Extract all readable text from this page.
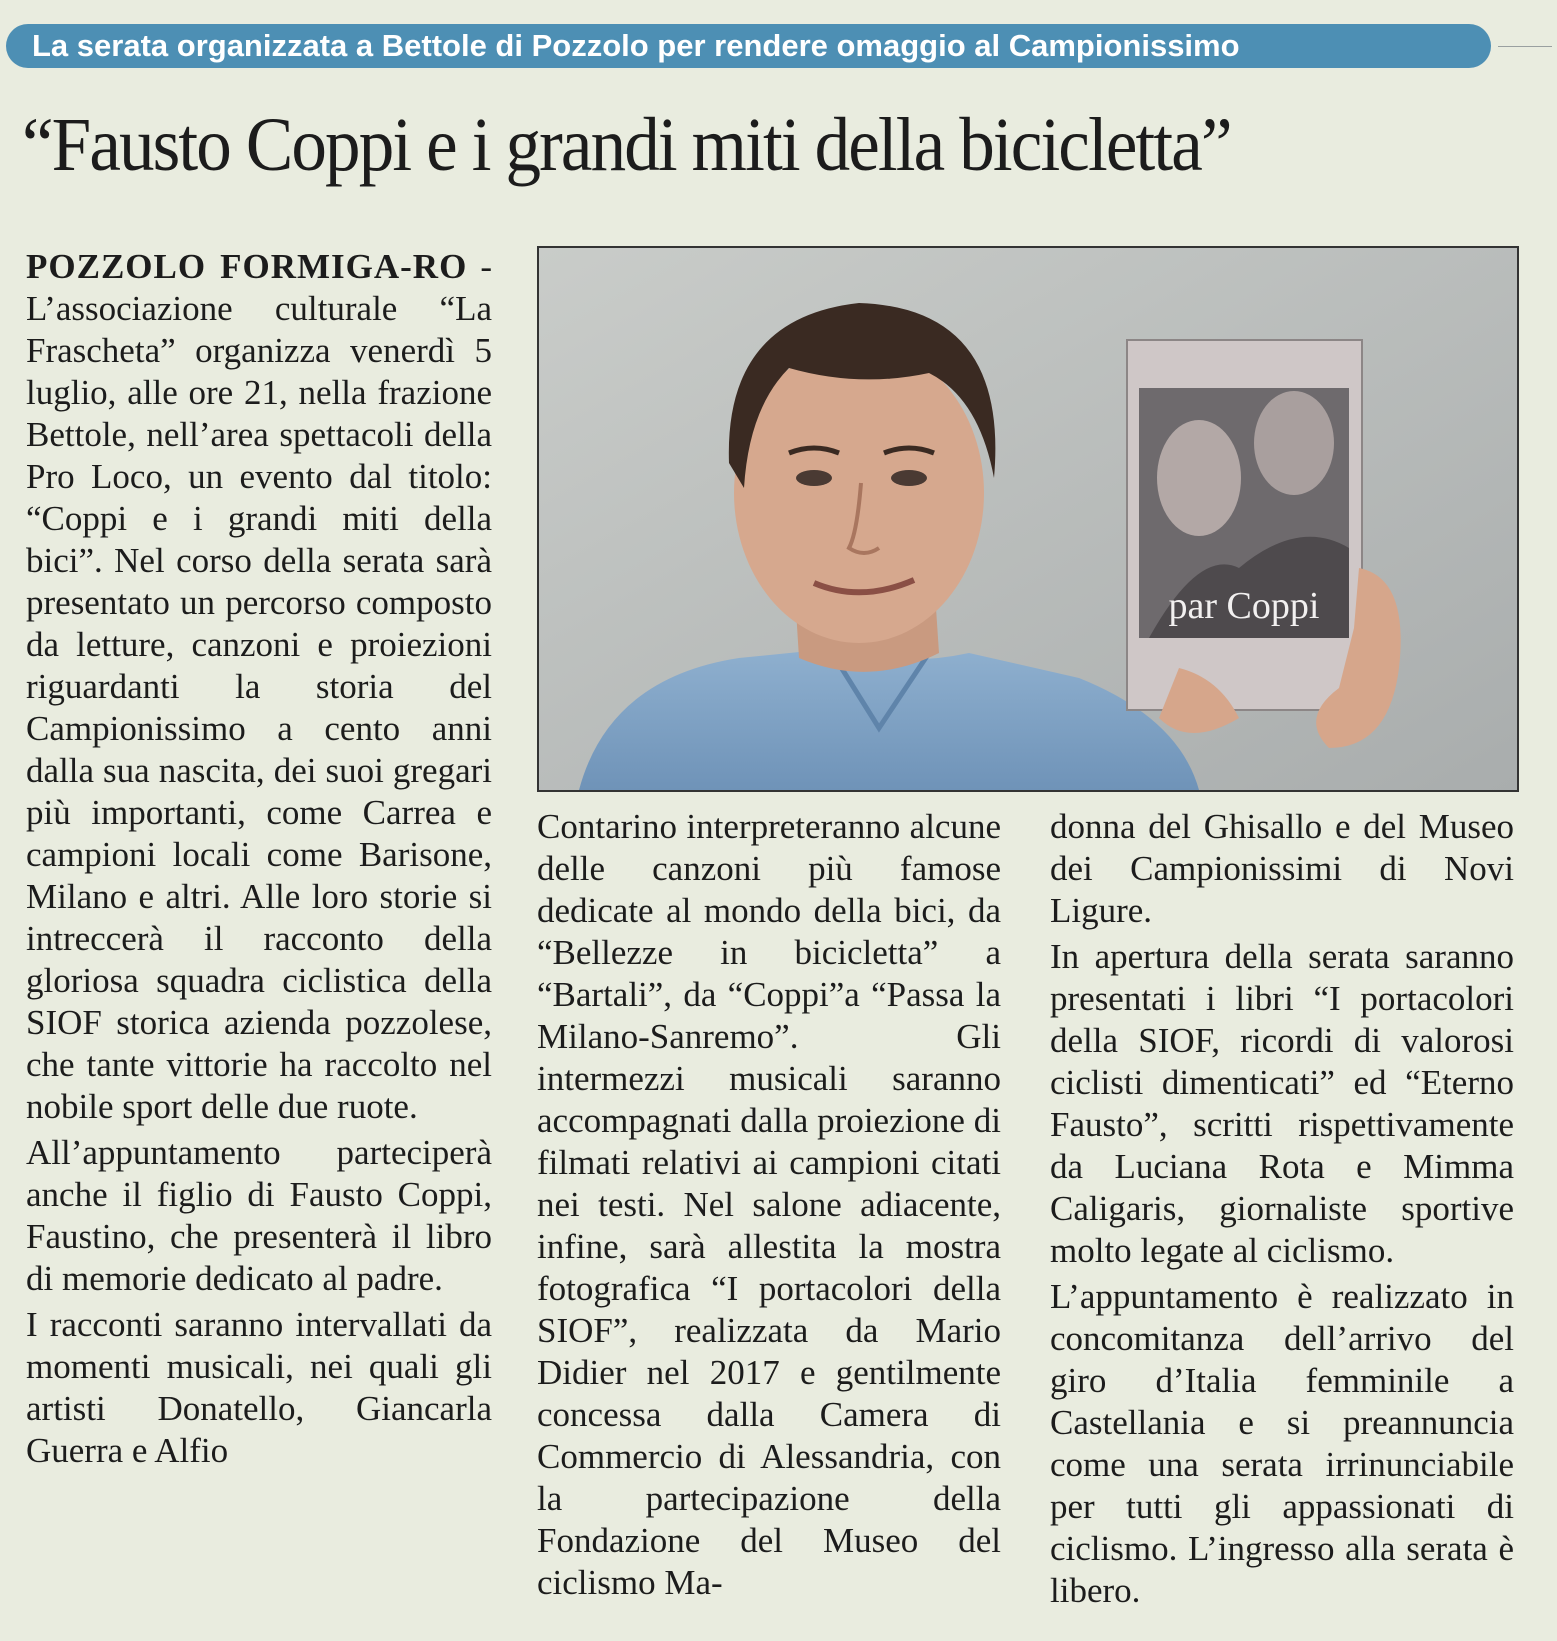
La serata organizzata a Bettole di Pozzolo per rendere omaggio al Campionissimo
“Fausto Coppi e i grandi miti della bicicletta”

POZZOLO FORMIGA-RO - L’associazione culturale “La Frascheta” organizza venerdì 5 luglio, alle ore 21, nella frazione Bettole, nell’area spettacoli della Pro Loco, un evento dal titolo: “Coppi e i grandi miti della bici”. Nel corso della serata sarà presentato un percorso composto da letture, canzoni e proiezioni riguardanti la storia del Campionissimo a cento anni dalla sua nascita, dei suoi gregari più importanti, come Carrea e campioni locali come Barisone, Milano e altri. Alle loro storie si intreccerà il racconto della gloriosa squadra ciclistica della SIOF storica azienda pozzolese, che tante vittorie ha raccolto nel nobile sport delle due ruote.

All’appuntamento parteciperà anche il figlio di Fausto Coppi, Faustino, che presenterà il libro di memorie dedicato al padre.

I racconti saranno intervallati da momenti musicali, nei quali gli artisti Donatello, Giancarla Guerra e Alfio

par Coppi

Contarino interpreteranno alcune delle canzoni più famose dedicate al mondo della bici, da “Bellezze in bicicletta” a “Bartali”, da “Coppi”a “Passa la Milano-Sanremo”. Gli intermezzi musicali saranno accompagnati dalla proiezione di filmati relativi ai campioni citati nei testi. Nel salone adiacente, infine, sarà allestita la mostra fotografica “I portacolori della SIOF”, realizzata da Mario Didier nel 2017 e gentilmente concessa dalla Camera di Commercio di Alessandria, con la partecipazione della Fondazione del Museo del ciclismo Ma-

donna del Ghisallo e del Museo dei Campionissimi di Novi Ligure.

In apertura della serata saranno presentati i libri “I portacolori della SIOF, ricordi di valorosi ciclisti dimenticati” ed “Eterno Fausto”, scritti rispettivamente da Luciana Rota e Mimma Caligaris, giornaliste sportive molto legate al ciclismo.

L’appuntamento è realizzato in concomitanza dell’arrivo del giro d’Italia femminile a Castellania e si preannuncia come una serata irrinunciabile per tutti gli appassionati di ciclismo. L’ingresso alla serata è libero.
